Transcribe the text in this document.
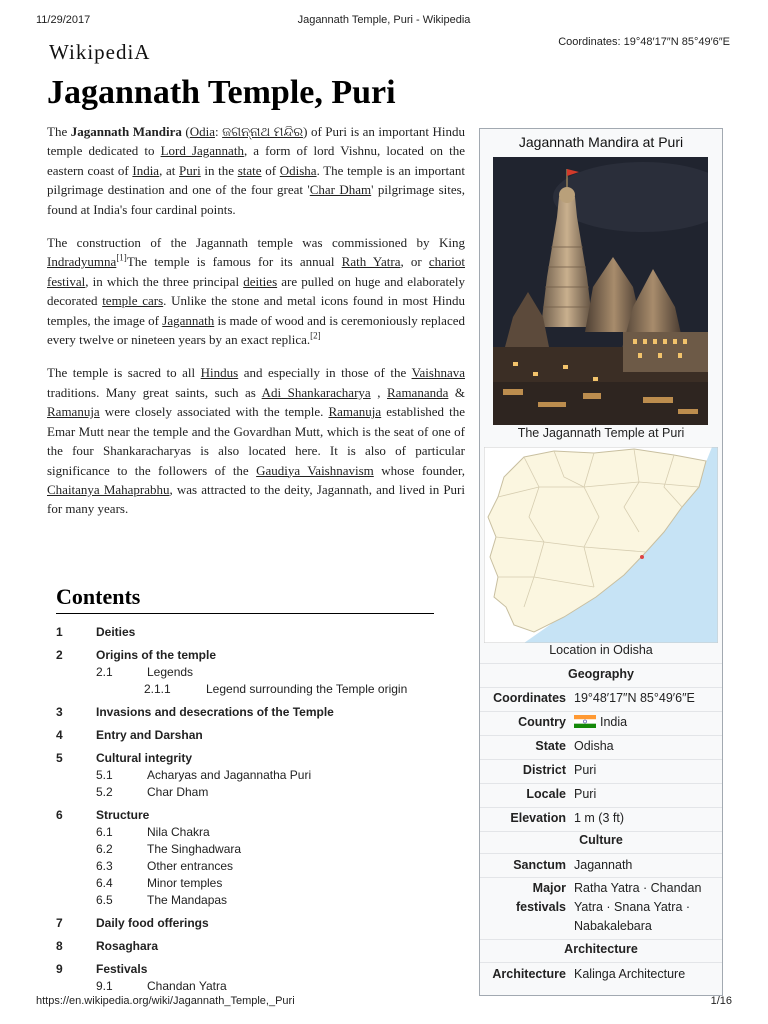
11/29/2017	Jagannath Temple, Puri - Wikipedia
WikipediA	Coordinates: 19°48′17″N 85°49′6″E
Jagannath Temple, Puri

The Jagannath Mandira (Odia: ଜଗନ୍ନାଥ ମନ୍ଦିର) of Puri is an important Hindu temple dedicated to Lord Jagannath, a form of lord Vishnu, located on the eastern coast of India, at Puri in the state of Odisha. The temple is an important pilgrimage destination and one of the four great 'Char Dham' pilgrimage sites, found at India's four cardinal points.

The construction of the Jagannath temple was commissioned by King Indradyumna[1]The temple is famous for its annual Rath Yatra, or chariot festival, in which the three principal deities are pulled on huge and elaborately decorated temple cars. Unlike the stone and metal icons found in most Hindu temples, the image of Jagannath is made of wood and is ceremoniously replaced every twelve or nineteen years by an exact replica.[2]

The temple is sacred to all Hindus and especially in those of the Vaishnava traditions. Many great saints, such as Adi Shankaracharya , Ramananda & Ramanuja were closely associated with the temple. Ramanuja established the Emar Mutt near the temple and the Govardhan Mutt, which is the seat of one of the four Shankaracharyas is also located here. It is also of particular significance to the followers of the Gaudiya Vaishnavism whose founder, Chaitanya Mahaprabhu, was attracted to the deity, Jagannath, and lived in Puri for many years.

Contents
1	Deities
2	Origins of the temple
2.1	Legends
2.1.1	Legend surrounding the Temple origin
3	Invasions and desecrations of the Temple
4	Entry and Darshan
5	Cultural integrity
5.1	Acharyas and Jagannatha Puri
5.2	Char Dham
6	Structure
6.1	Nila Chakra
6.2	The Singhadwara
6.3	Other entrances
6.4	Minor temples
6.5	The Mandapas
7	Daily food offerings
8	Rosaghara
9	Festivals
9.1	Chandan Yatra
Jagannath Mandira at Puri
The Jagannath Temple at Puri
Location in Odisha
Geography
Coordinates 19°48′17″N 85°49′6″E
Country	India
State Odisha
District Puri
Locale Puri
Elevation 1 m (3 ft)
Culture
Sanctum Jagannath
Major festivals
Ratha Yatra · Chandan Yatra · Snana Yatra · Nabakalebara
Architecture
Architecture Kalinga Architecture
https://en.wikipedia.org/wiki/Jagannath_Temple,_Puri	1/16
